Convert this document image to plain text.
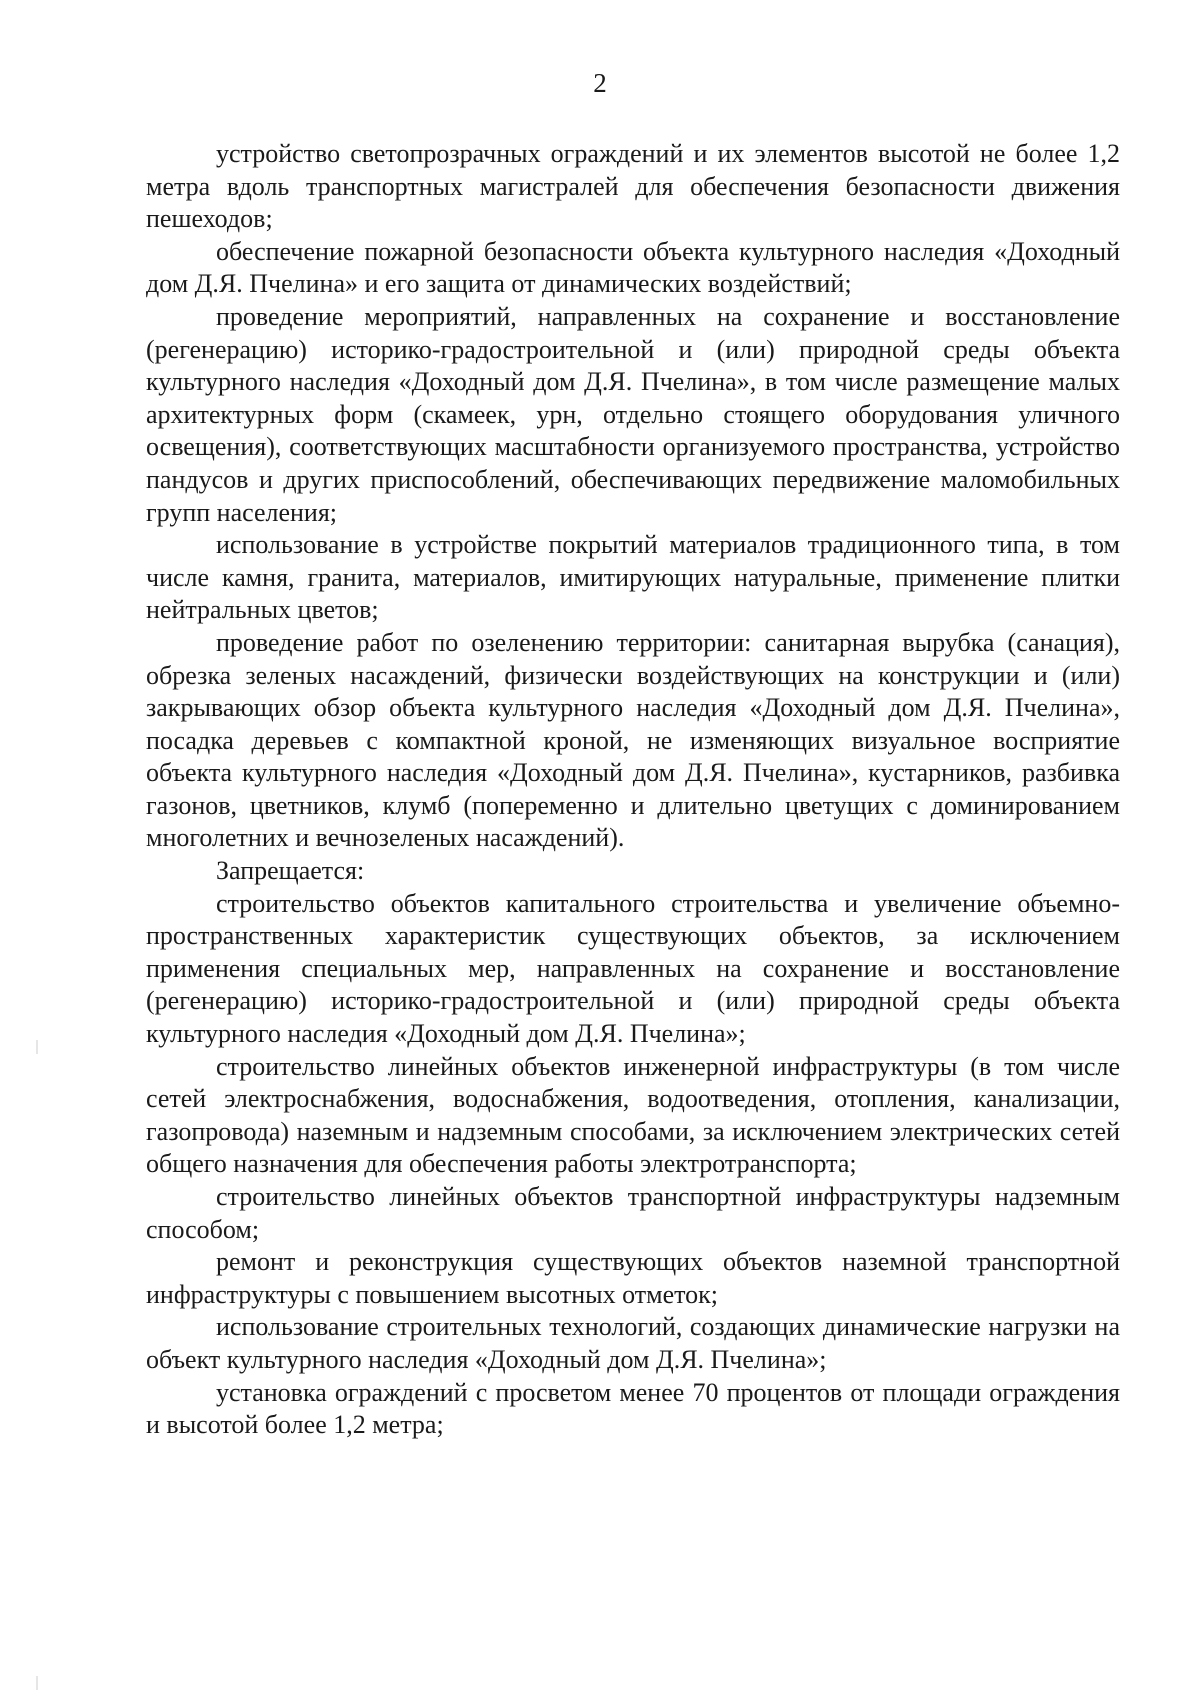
2

устройство светопрозрачных ограждений и их элементов высотой не более 1,2 метра вдоль транспортных магистралей для обеспечения безопасности движения пешеходов;

обеспечение пожарной безопасности объекта культурного наследия «Доходный дом Д.Я. Пчелина» и его защита от динамических воздействий;

проведение мероприятий, направленных на сохранение и восстановление (регенерацию) историко-градостроительной и (или) природной среды объекта культурного наследия «Доходный дом Д.Я. Пчелина», в том числе размещение малых архитектурных форм (скамеек, урн, отдельно стоящего оборудования уличного освещения), соответствующих масштабности организуемого пространства, устройство пандусов и других приспособлений, обеспечивающих передвижение маломобильных групп населения;

использование в устройстве покрытий материалов традиционного типа, в том числе камня, гранита, материалов, имитирующих натуральные, применение плитки нейтральных цветов;

проведение работ по озеленению территории: санитарная вырубка (санация), обрезка зеленых насаждений, физически воздействующих на конструкции и (или) закрывающих обзор объекта культурного наследия «Доходный дом Д.Я. Пчелина», посадка деревьев с компактной кроной, не изменяющих визуальное восприятие объекта культурного наследия «Доходный дом Д.Я. Пчелина», кустарников, разбивка газонов, цветников, клумб (попеременно и длительно цветущих с доминированием многолетних и вечнозеленых насаждений).

Запрещается:

строительство объектов капитального строительства и увеличение объемно-пространственных характеристик существующих объектов, за исключением применения специальных мер, направленных на сохранение и восстановление (регенерацию) историко-градостроительной и (или) природной среды объекта культурного наследия «Доходный дом Д.Я. Пчелина»;

строительство линейных объектов инженерной инфраструктуры (в том числе сетей электроснабжения, водоснабжения, водоотведения, отопления, канализации, газопровода) наземным и надземным способами, за исключением электрических сетей общего назначения для обеспечения работы электротранспорта;

строительство линейных объектов транспортной инфраструктуры надземным способом;

ремонт и реконструкция существующих объектов наземной транспортной инфраструктуры с повышением высотных отметок;

использование строительных технологий, создающих динамические нагрузки на объект культурного наследия «Доходный дом Д.Я. Пчелина»;

установка ограждений с просветом менее 70 процентов от площади ограждения и высотой более 1,2 метра;
